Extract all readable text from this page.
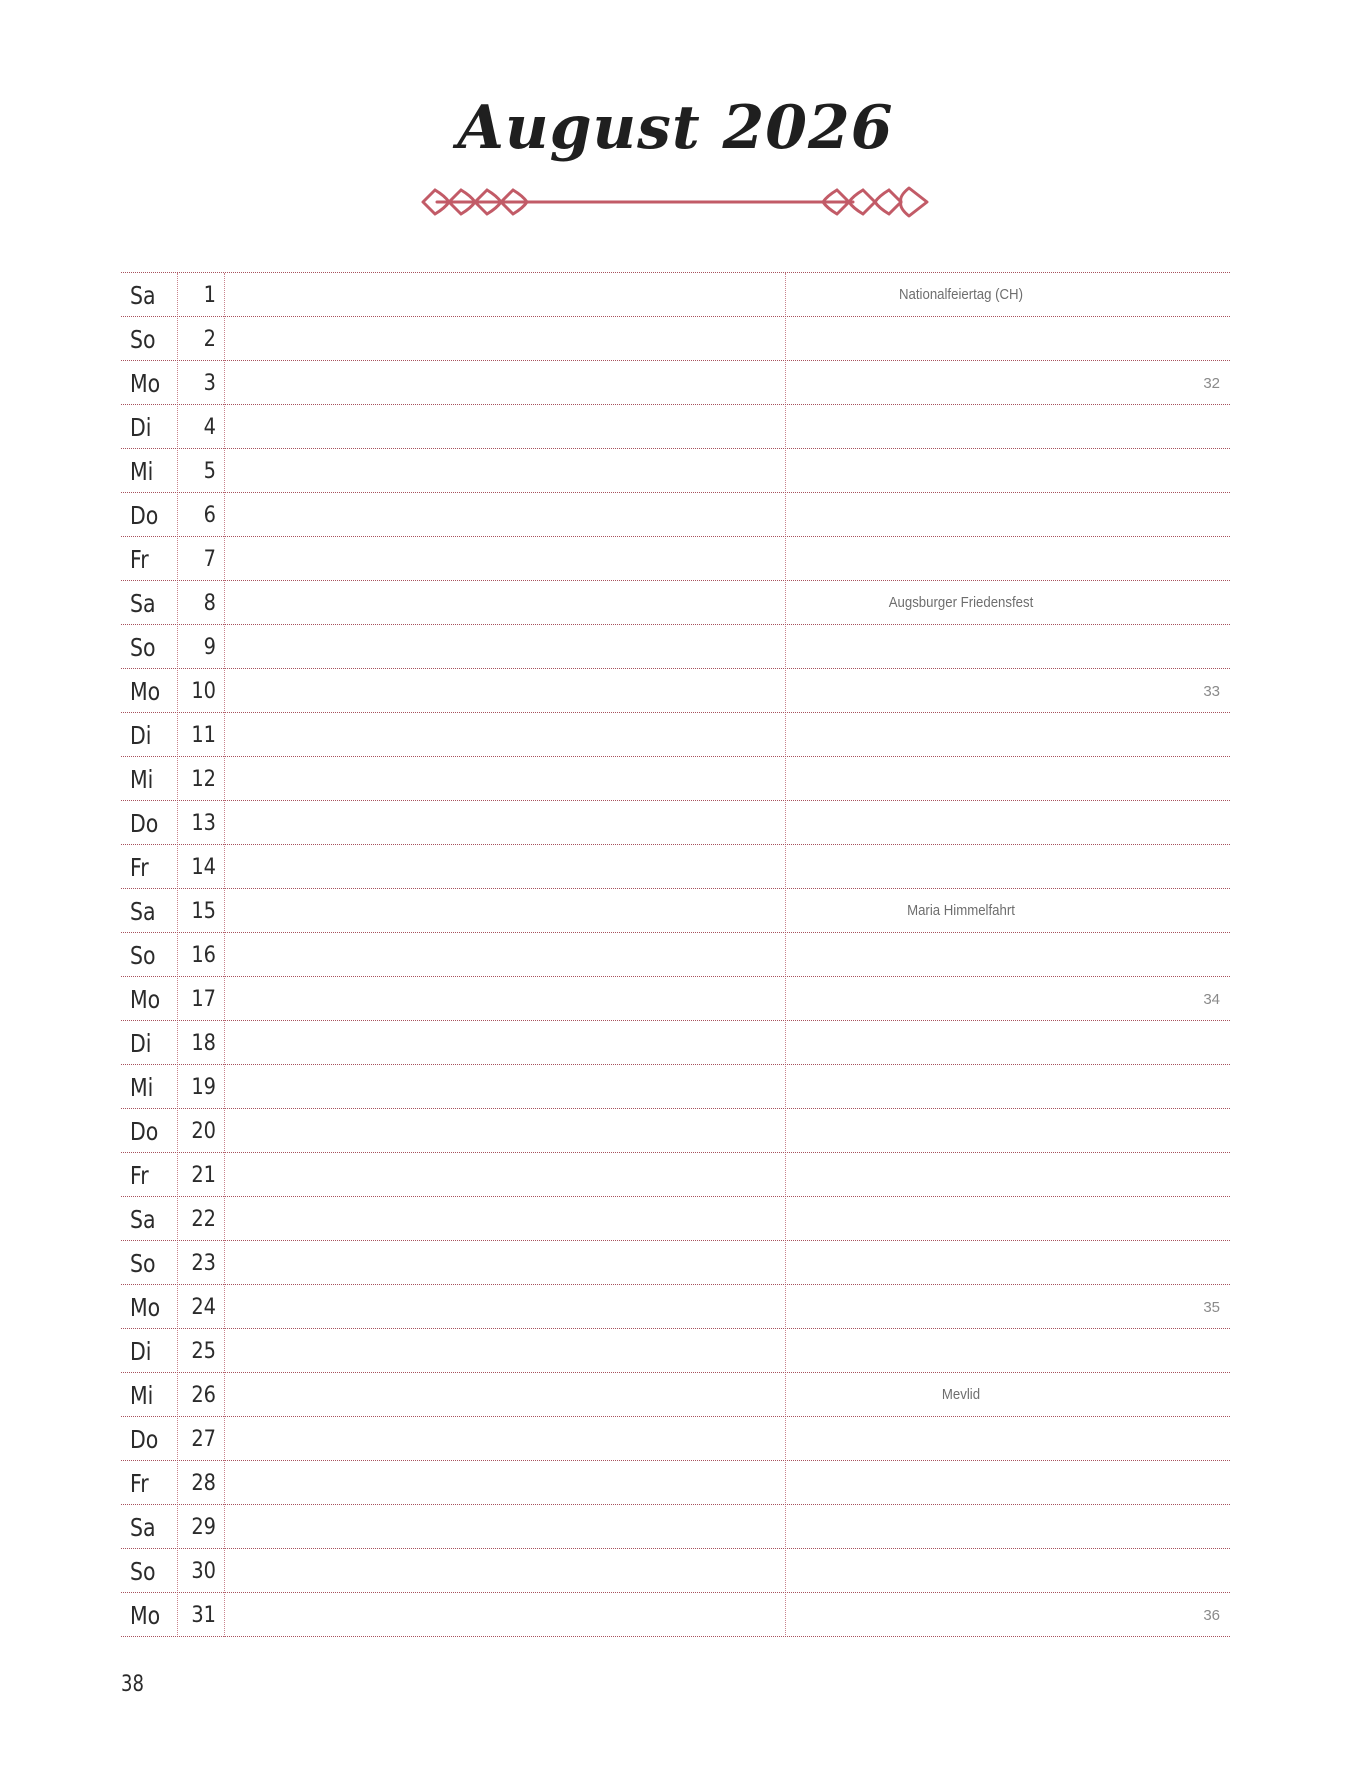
August 2026
Sa	1	Nationalfeiertag (CH)
So	2
Mo	3	32
Di	4
Mi	5
Do	6
Fr	7
Sa	8	Augsburger Friedensfest
So	9
Mo	10	33
Di	11
Mi	12
Do	13
Fr	14
Sa	15	Maria Himmelfahrt
So	16
Mo	17	34
Di	18
Mi	19
Do	20
Fr	21
Sa	22
So	23
Mo	24	35
Di	25
Mi	26	Mevlid
Do	27
Fr	28
Sa	29
So	30
Mo	31	36
38
